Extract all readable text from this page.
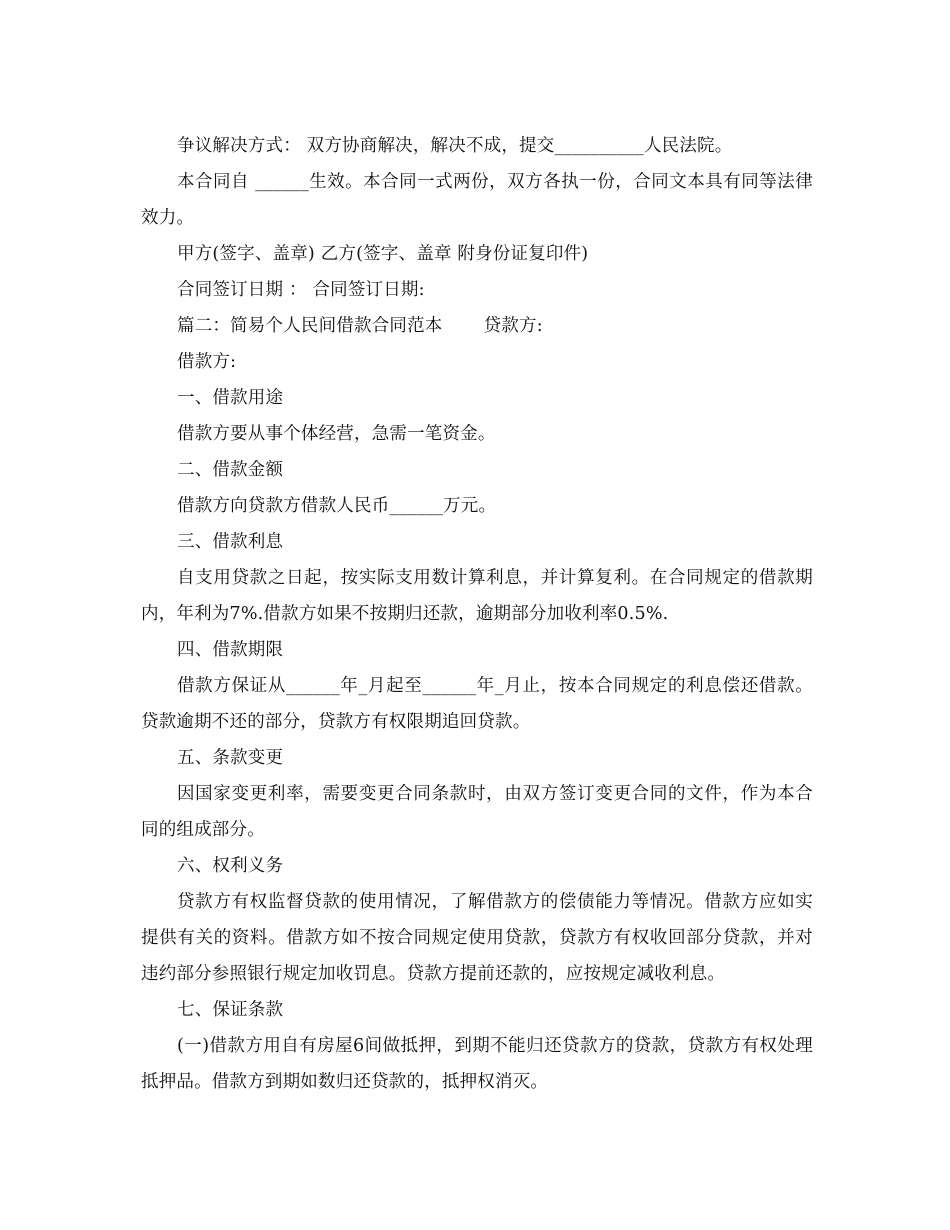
争议解决方式： 双方协商解决，解决不成，提交__________人民法院。

本合同自 ______生效。本合同一式两份，双方各执一份，合同文本具有同等法律效力。

甲方(签字、盖章) 乙方(签字、盖章 附身份证复印件)

合同签订日期 ： 合同签订日期:

篇二：简易个人民间借款合同范本　　 贷款方:

借款方:

一、借款用途

借款方要从事个体经营，急需一笔资金。

二、借款金额

借款方向贷款方借款人民币______万元。

三、借款利息

自支用贷款之日起，按实际支用数计算利息，并计算复利。在合同规定的借款期内，年利为7%.借款方如果不按期归还款，逾期部分加收利率0.5%.

四、借款期限

借款方保证从______年_月起至______年_月止，按本合同规定的利息偿还借款。贷款逾期不还的部分，贷款方有权限期追回贷款。

五、条款变更

因国家变更利率，需要变更合同条款时，由双方签订变更合同的文件，作为本合同的组成部分。

六、权利义务

贷款方有权监督贷款的使用情况，了解借款方的偿债能力等情况。借款方应如实提供有关的资料。借款方如不按合同规定使用贷款，贷款方有权收回部分贷款，并对违约部分参照银行规定加收罚息。贷款方提前还款的，应按规定减收利息。

七、保证条款

(一)借款方用自有房屋6间做抵押，到期不能归还贷款方的贷款，贷款方有权处理抵押品。借款方到期如数归还贷款的，抵押权消灭。
